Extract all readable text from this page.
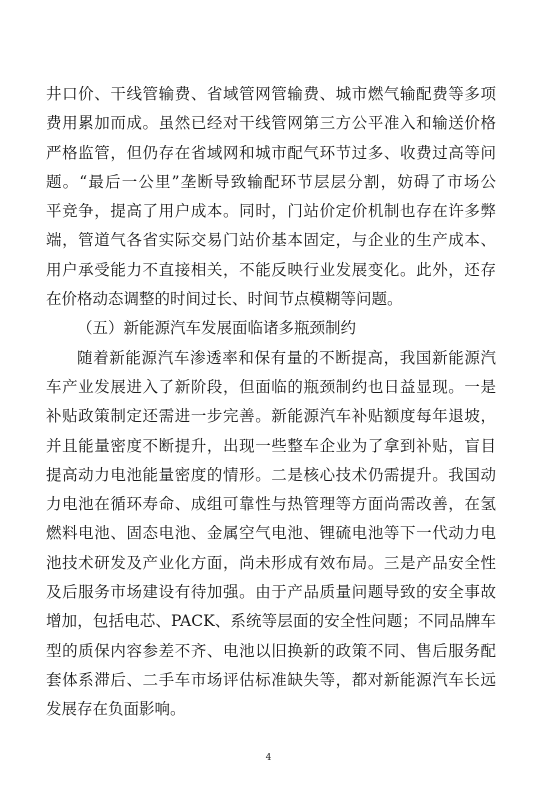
井口价、干线管输费、省域管网管输费、城市燃气输配费等多项
费用累加而成。虽然已经对干线管网第三方公平准入和输送价格
严格监管，但仍存在省域网和城市配气环节过多、收费过高等问
题。“最后一公里”垄断导致输配环节层层分割，妨碍了市场公
平竞争，提高了用户成本。同时，门站价定价机制也存在许多弊
端，管道气各省实际交易门站价基本固定，与企业的生产成本、
用户承受能力不直接相关，不能反映行业发展变化。此外，还存
在价格动态调整的时间过长、时间节点模糊等问题。
（五）新能源汽车发展面临诸多瓶颈制约
随着新能源汽车渗透率和保有量的不断提高，我国新能源汽
车产业发展进入了新阶段，但面临的瓶颈制约也日益显现。一是
补贴政策制定还需进一步完善。新能源汽车补贴额度每年退坡，
并且能量密度不断提升，出现一些整车企业为了拿到补贴，盲目
提高动力电池能量密度的情形。二是核心技术仍需提升。我国动
力电池在循环寿命、成组可靠性与热管理等方面尚需改善，在氢
燃料电池、固态电池、金属空气电池、锂硫电池等下一代动力电
池技术研发及产业化方面，尚未形成有效布局。三是产品安全性
及后服务市场建设有待加强。由于产品质量问题导致的安全事故
增加，包括电芯、PACK、系统等层面的安全性问题；不同品牌车
型的质保内容参差不齐、电池以旧换新的政策不同、售后服务配
套体系滞后、二手车市场评估标准缺失等，都对新能源汽车长远
发展存在负面影响。
4
